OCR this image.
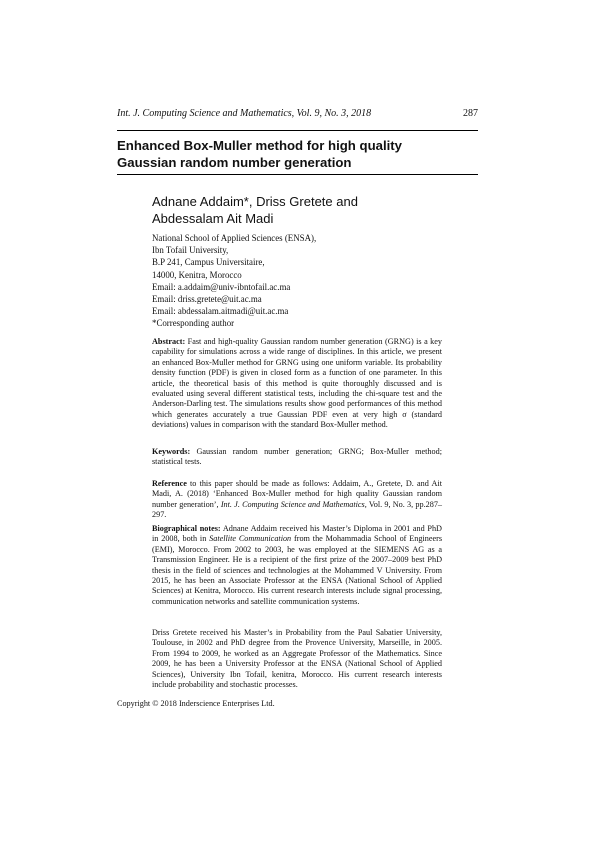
Int. J. Computing Science and Mathematics, Vol. 9, No. 3, 2018	287
Enhanced Box-Muller method for high quality
Gaussian random number generation
Adnane Addaim*, Driss Gretete and
Abdessalam Ait Madi
National School of Applied Sciences (ENSA),
Ibn Tofail University,
B.P 241, Campus Universitaire,
14000, Kenitra, Morocco
Email: a.addaim@univ-ibntofail.ac.ma
Email: driss.gretete@uit.ac.ma
Email: abdessalam.aitmadi@uit.ac.ma
*Corresponding author
Abstract: Fast and high-quality Gaussian random number generation (GRNG) is a key capability for simulations across a wide range of disciplines. In this article, we present an enhanced Box-Muller method for GRNG using one uniform variable. Its probability density function (PDF) is given in closed form as a function of one parameter. In this article, the theoretical basis of this method is quite thoroughly discussed and is evaluated using several different statistical tests, including the chi-square test and the Anderson-Darling test. The simulations results show good performances of this method which generates accurately a true Gaussian PDF even at very high σ (standard deviations) values in comparison with the standard Box-Muller method.
Keywords: Gaussian random number generation; GRNG; Box-Muller method; statistical tests.
Reference to this paper should be made as follows: Addaim, A., Gretete, D. and Ait Madi, A. (2018) ‘Enhanced Box-Muller method for high quality Gaussian random number generation’, Int. J. Computing Science and Mathematics, Vol. 9, No. 3, pp.287–297.
Biographical notes: Adnane Addaim received his Master’s Diploma in 2001 and PhD in 2008, both in Satellite Communication from the Mohammadia School of Engineers (EMI), Morocco. From 2002 to 2003, he was employed at the SIEMENS AG as a Transmission Engineer. He is a recipient of the first prize of the 2007–2009 best PhD thesis in the field of sciences and technologies at the Mohammed V University. From 2015, he has been an Associate Professor at the ENSA (National School of Applied Sciences) at Kenitra, Morocco. His current research interests include signal processing, communication networks and satellite communication systems.
Driss Gretete received his Master’s in Probability from the Paul Sabatier University, Toulouse, in 2002 and PhD degree from the Provence University, Marseille, in 2005. From 1994 to 2009, he worked as an Aggregate Professor of the Mathematics. Since 2009, he has been a University Professor at the ENSA (National School of Applied Sciences), University Ibn Tofail, kenitra, Morocco. His current research interests include probability and stochastic processes.
Copyright © 2018 Inderscience Enterprises Ltd.
